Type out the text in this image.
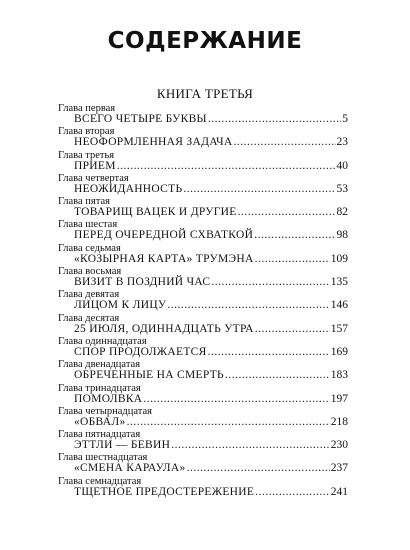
СОДЕРЖАНИЕ
КНИГА ТРЕТЬЯ
Глава первая
ВСЕГО ЧЕТЫРЕ БУКВЫ .....	5
Глава вторая
НЕОФОРМЛЕННАЯ ЗАДАЧА .....	23
Глава третья
ПРИЕМ .....	40
Глава четвертая
НЕОЖИДАННОСТЬ .....	53
Глава пятая
ТОВАРИЩ ВАЦЕК И ДРУГИЕ .....	82
Глава шестая
ПЕРЕД ОЧЕРЕДНОЙ СХВАТКОЙ .....	98
Глава седьмая
«КОЗЫРНАЯ КАРТА» ТРУМЭНА .....	109
Глава восьмая
ВИЗИТ В ПОЗДНИЙ ЧАС .....	135
Глава девятая
ЛИЦОМ К ЛИЦУ .....	146
Глава десятая
25 ИЮЛЯ, ОДИННАДЦАТЬ УТРА .....	157
Глава одиннадцатая
СПОР ПРОДОЛЖАЕТСЯ .....	169
Глава двенадцатая
ОБРЕЧЕННЫЕ НА СМЕРТЬ .....	183
Глава тринадцатая
ПОМОЛВКА .....	197
Глава четырнадцатая
«ОБВАЛ» .....	218
Глава пятнадцатая
ЭТТЛИ — БЕВИН .....	230
Глава шестнадцатая
«СМЕНА КАРАУЛА» .....	237
Глава семнадцатая
ТЩЕТНОЕ ПРЕДОСТЕРЕЖЕНИЕ .....	241
